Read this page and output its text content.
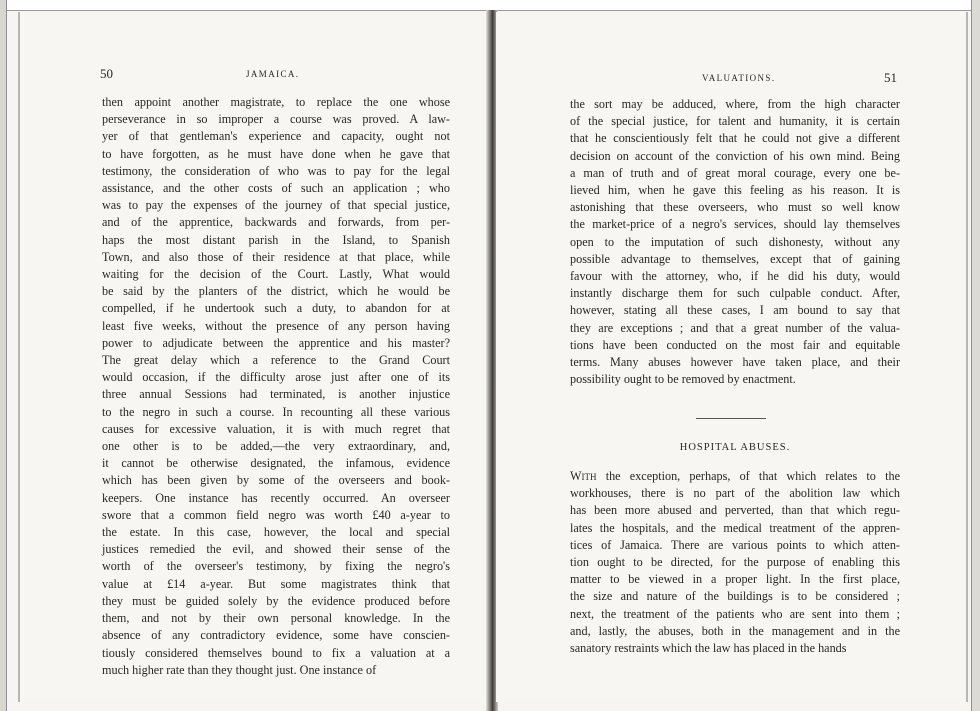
50	JAMAICA.
then appoint another magistrate, to replace the one whose
perseverance in so improper a course was proved. A law-
yer of that gentleman's experience and capacity, ought not
to have forgotten, as he must have done when he gave that
testimony, the consideration of who was to pay for the legal
assistance, and the other costs of such an application ; who
was to pay the expenses of the journey of that special justice,
and of the apprentice, backwards and forwards, from per-
haps the most distant parish in the Island, to Spanish
Town, and also those of their residence at that place, while
waiting for the decision of the Court. Lastly, What would
be said by the planters of the district, which he would be
compelled, if he undertook such a duty, to abandon for at
least five weeks, without the presence of any person having
power to adjudicate between the apprentice and his master?
The great delay which a reference to the Grand Court
would occasion, if the difficulty arose just after one of its
three annual Sessions had terminated, is another injustice
to the negro in such a course. In recounting all these various
causes for excessive valuation, it is with much regret that
one other is to be added,—the very extraordinary, and,
it cannot be otherwise designated, the infamous, evidence
which has been given by some of the overseers and book-
keepers. One instance has recently occurred. An overseer
swore that a common field negro was worth £40 a-year to
the estate. In this case, however, the local and special
justices remedied the evil, and showed their sense of the
worth of the overseer's testimony, by fixing the negro's
value at £14 a-year. But some magistrates think that
they must be guided solely by the evidence produced before
them, and not by their own personal knowledge. In the
absence of any contradictory evidence, some have conscien-
tiously considered themselves bound to fix a valuation at a
much higher rate than they thought just. One instance of
VALUATIONS.	51
the sort may be adduced, where, from the high character
of the special justice, for talent and humanity, it is certain
that he conscientiously felt that he could not give a different
decision on account of the conviction of his own mind. Being
a man of truth and of great moral courage, every one be-
lieved him, when he gave this feeling as his reason. It is
astonishing that these overseers, who must so well know
the market-price of a negro's services, should lay themselves
open to the imputation of such dishonesty, without any
possible advantage to themselves, except that of gaining
favour with the attorney, who, if he did his duty, would
instantly discharge them for such culpable conduct. After,
however, stating all these cases, I am bound to say that
they are exceptions ; and that a great number of the valua-
tions have been conducted on the most fair and equitable
terms. Many abuses however have taken place, and their
possibility ought to be removed by enactment.
HOSPITAL ABUSES.
With the exception, perhaps, of that which relates to the
workhouses, there is no part of the abolition law which
has been more abused and perverted, than that which regu-
lates the hospitals, and the medical treatment of the appren-
tices of Jamaica. There are various points to which atten-
tion ought to be directed, for the purpose of enabling this
matter to be viewed in a proper light. In the first place,
the size and nature of the buildings is to be considered ;
next, the treatment of the patients who are sent into them ;
and, lastly, the abuses, both in the management and in the
sanatory restraints which the law has placed in the hands
